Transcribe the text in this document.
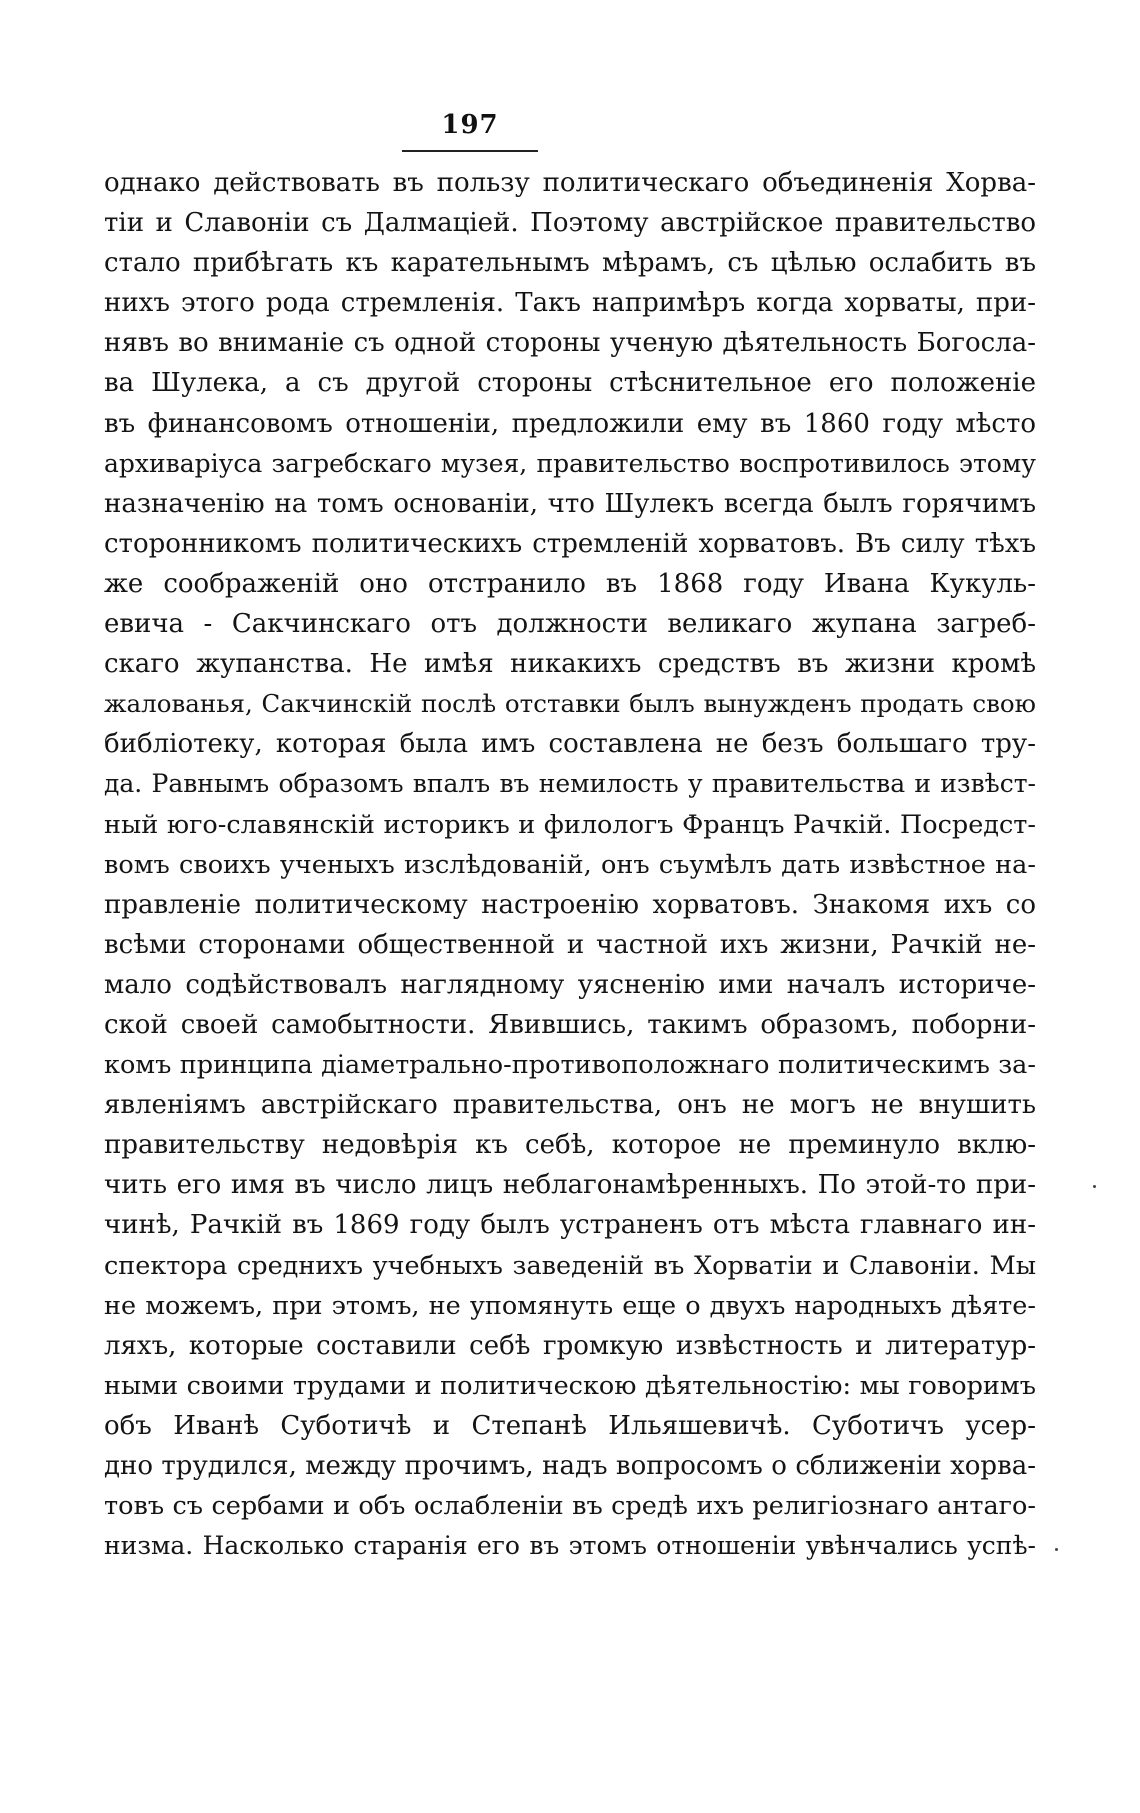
197
однако действовать въ пользу политическаго объединенія Хорва-
тіи и Славоніи съ Далмаціей. Поэтому австрійское правительство
стало прибѣгать къ карательнымъ мѣрамъ, съ цѣлью ослабить въ
нихъ этого рода стремленія. Такъ напримѣръ когда хорваты, при-
нявъ во вниманіе съ одной стороны ученую дѣятельность Богосла-
ва Шулека, а съ другой стороны стѣснительное его положеніе
въ финансовомъ отношеніи, предложили ему въ 1860 году мѣсто
архиваріуса загребскаго музея, правительство воспротивилось этому
назначенію на томъ основаніи, что Шулекъ всегда былъ горячимъ
сторонникомъ политическихъ стремленій хорватовъ. Въ силу тѣхъ
же соображеній оно отстранило въ 1868 году Ивана Кукуль-
евича - Сакчинскаго отъ должности великаго жупана загреб-
скаго жупанства. Не имѣя никакихъ средствъ въ жизни кромѣ
жалованья, Сакчинскій послѣ отставки былъ вынужденъ продать свою
библіотеку, которая была имъ составлена не безъ большаго тру-
да. Равнымъ образомъ впалъ въ немилость у правительства и извѣст-
ный юго-славянскій историкъ и филологъ Францъ Рачкій. Посредст-
вомъ своихъ ученыхъ изслѣдованій, онъ съумѣлъ дать извѣстное на-
правленіе политическому настроенію хорватовъ. Знакомя ихъ со
всѣми сторонами общественной и частной ихъ жизни, Рачкій не-
мало содѣйствовалъ наглядному уясненію ими началъ историче-
ской своей самобытности. Явившись, такимъ образомъ, поборни-
комъ принципа діаметрально-противоположнаго политическимъ за-
явленіямъ австрійскаго правительства, онъ не могъ не внушить
правительству недовѣрія къ себѣ, которое не преминуло вклю-
чить его имя въ число лицъ неблагонамѣренныхъ. По этой-то при-
чинѣ, Рачкій въ 1869 году былъ устраненъ отъ мѣста главнаго ин-
спектора среднихъ учебныхъ заведеній въ Хорватіи и Славоніи. Мы
не можемъ, при этомъ, не упомянуть еще о двухъ народныхъ дѣяте-
ляхъ, которые составили себѣ громкую извѣстность и литератур-
ными своими трудами и политическою дѣятельностію: мы говоримъ
объ Иванѣ Суботичѣ и Степанѣ Ильяшевичѣ. Суботичъ усер-
дно трудился, между прочимъ, надъ вопросомъ о сближеніи хорва-
товъ съ сербами и объ ослабленіи въ средѣ ихъ религіознаго антаго-
низма. Насколько старанія его въ этомъ отношеніи увѣнчались успѣ-
